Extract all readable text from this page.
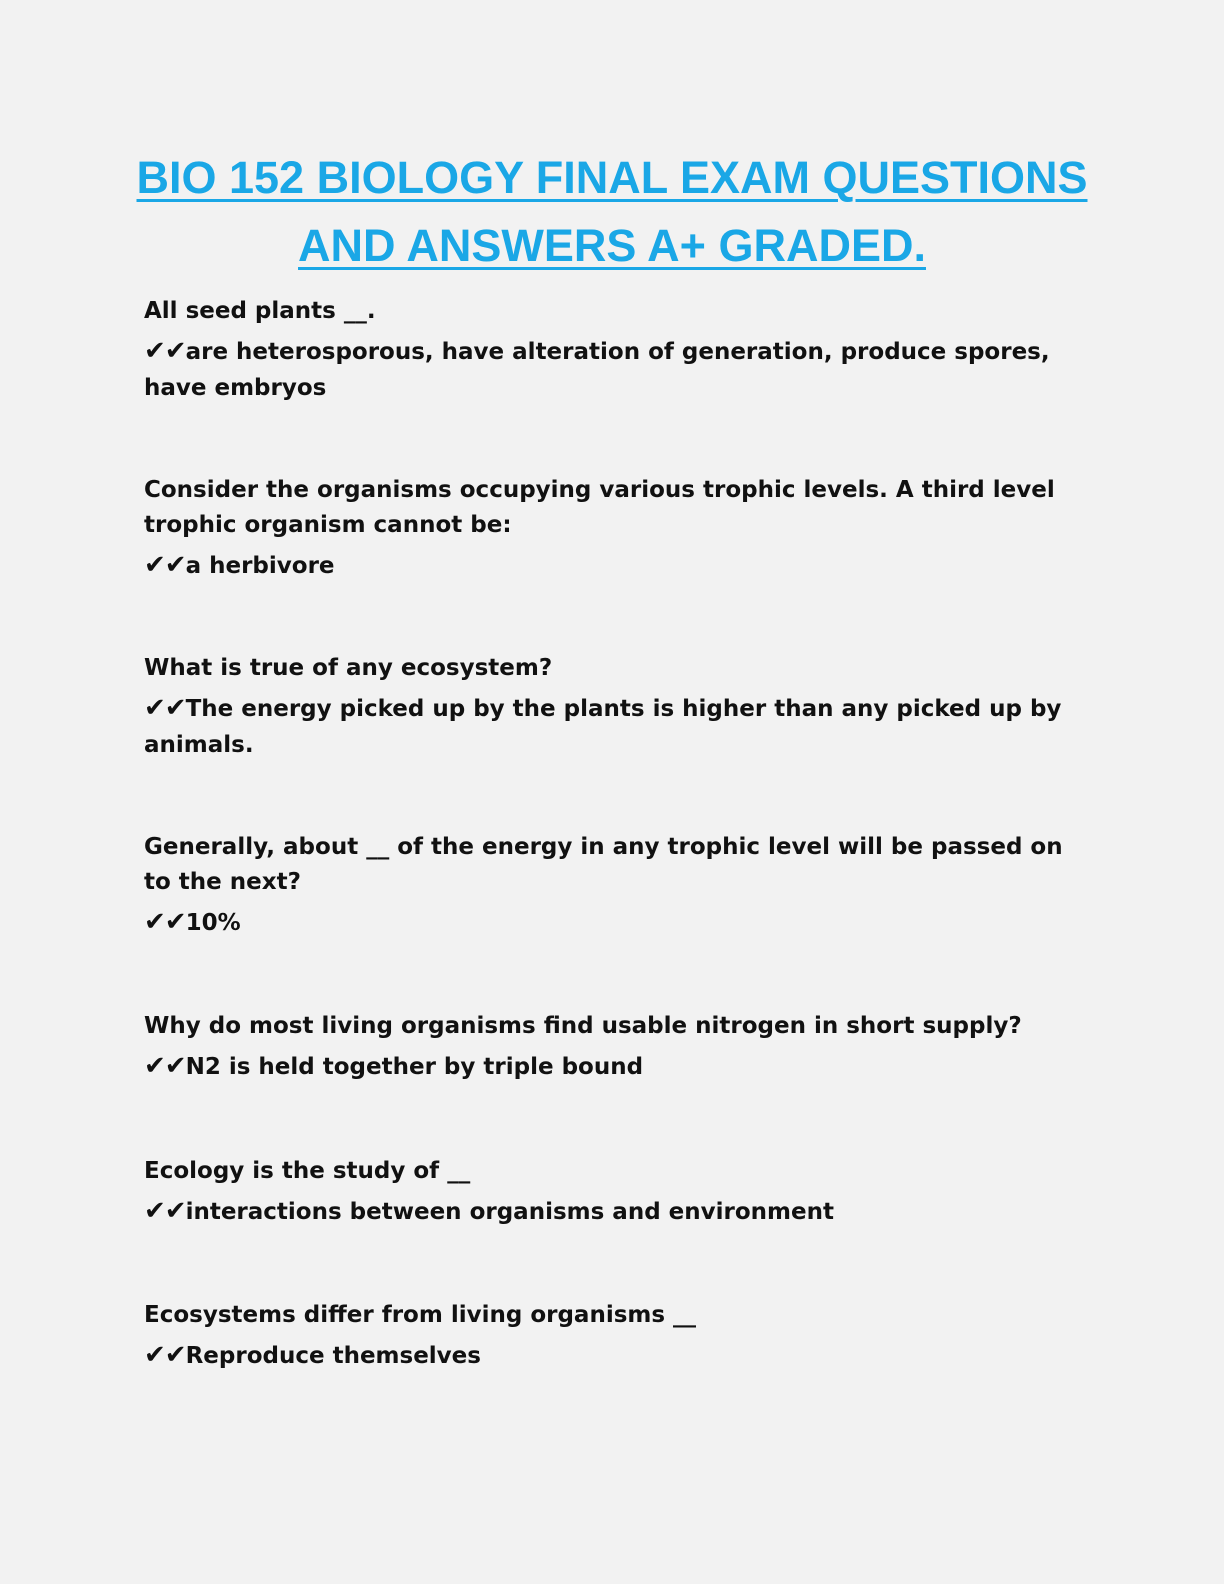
BIO 152 BIOLOGY FINAL EXAM QUESTIONS
AND ANSWERS A+ GRADED.

All seed plants __.

✔✔are heterosporous, have alteration of generation, produce spores, have embryos

Consider the organisms occupying various trophic levels. A third level trophic organism cannot be:

✔✔a herbivore

What is true of any ecosystem?

✔✔The energy picked up by the plants is higher than any picked up by animals.

Generally, about __ of the energy in any trophic level will be passed on to the next?

✔✔10%

Why do most living organisms find usable nitrogen in short supply?

✔✔N2 is held together by triple bound

Ecology is the study of __

✔✔interactions between organisms and environment

Ecosystems differ from living organisms __

✔✔Reproduce themselves
